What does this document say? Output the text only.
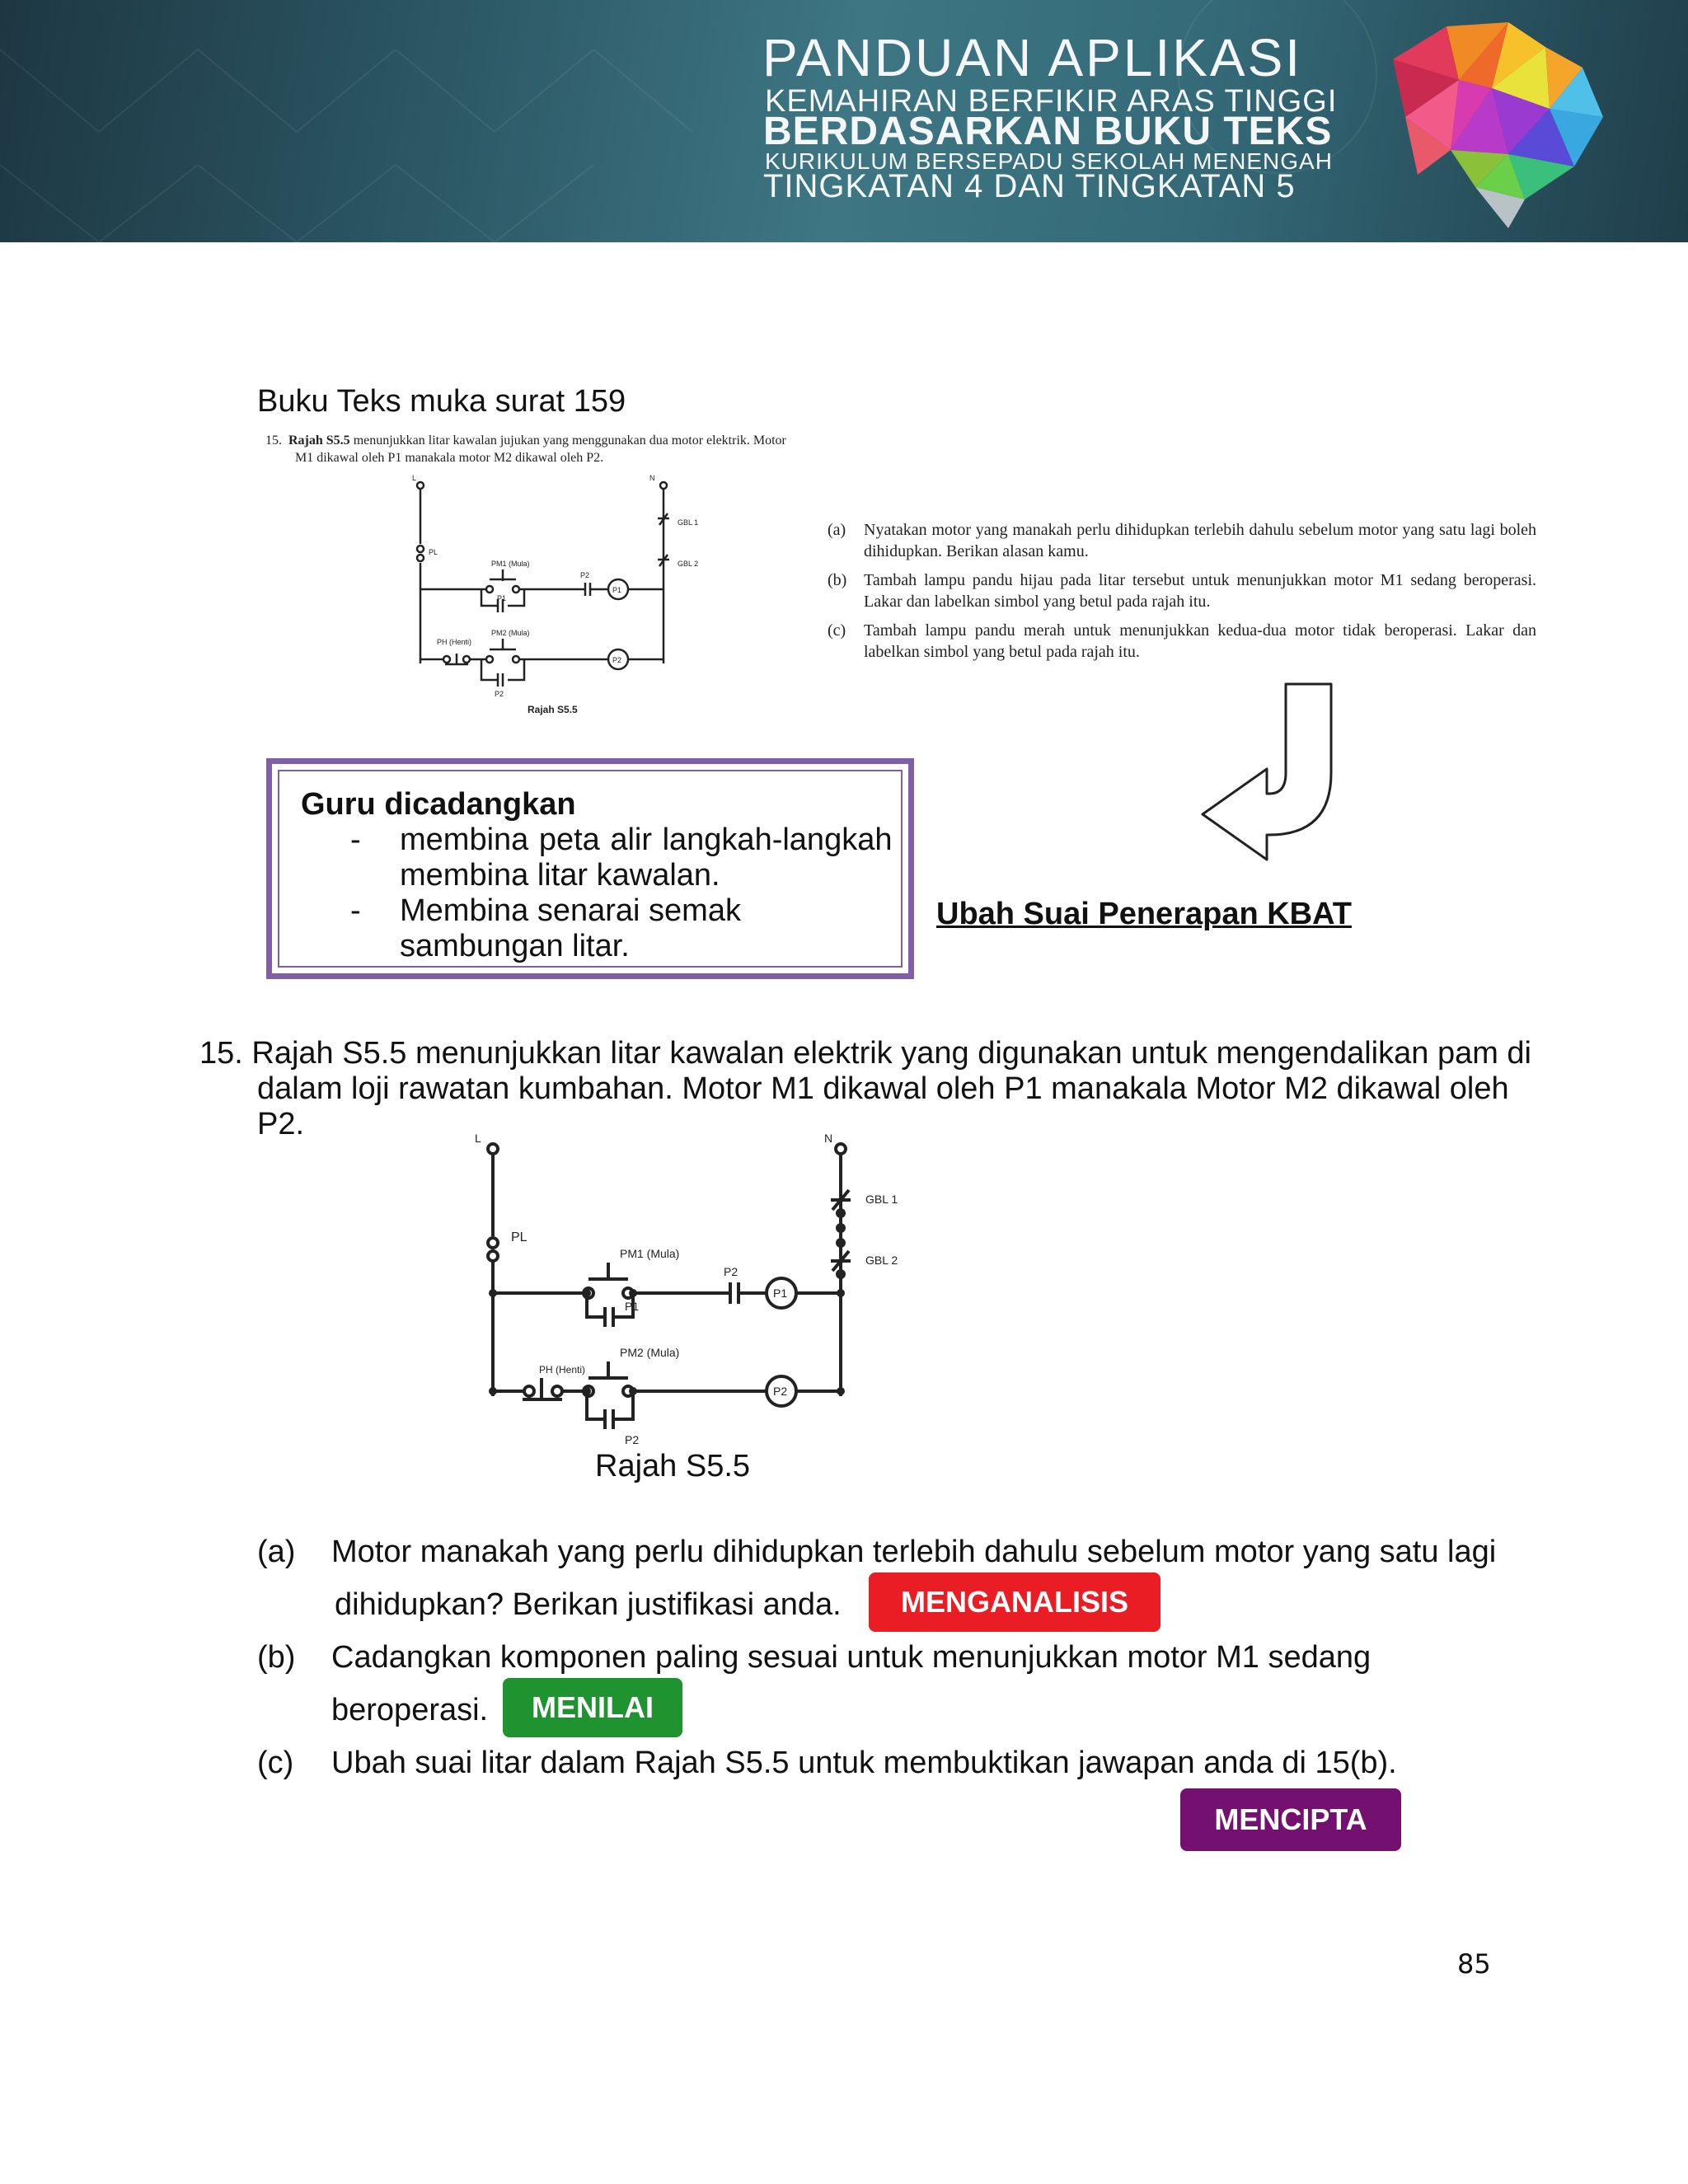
PANDUAN APLIKASI
KEMAHIRAN BERFIKIR ARAS TINGGI
BERDASARKAN BUKU TEKS
KURIKULUM BERSEPADU SEKOLAH MENENGAH
TINGKATAN 4 DAN TINGKATAN 5
Buku Teks muka surat 159
15. Rajah S5.5 menunjukkan litar kawalan jujukan yang menggunakan dua motor elektrik. Motor
M1 dikawal oleh P1 manakala motor M2 dikawal oleh P2.
L	N
PL
GBL 1
GBL 2
PM1 (Mula)
P2
P1
P1
PM2 (Mula)
PH (Henti)
P2
P2
Rajah S5.5
(a)	Nyatakan motor yang manakah perlu dihidupkan terlebih dahulu sebelum motor yang satu lagi boleh dihidupkan. Berikan alasan kamu.
(b)	Tambah lampu pandu hijau pada litar tersebut untuk menunjukkan motor M1 sedang beroperasi. Lakar dan labelkan simbol yang betul pada rajah itu.
(c)	Tambah lampu pandu merah untuk menunjukkan kedua-dua motor tidak beroperasi. Lakar dan labelkan simbol yang betul pada rajah itu.
Guru dicadangkan
- membina peta alir langkah-langkah
membina litar kawalan.
- Membina senarai semak
sambungan litar.
Ubah Suai Penerapan KBAT
15. Rajah S5.5 menunjukkan litar kawalan elektrik yang digunakan untuk mengendalikan pam di
dalam loji rawatan kumbahan. Motor M1 dikawal oleh P1 manakala Motor M2 dikawal oleh
P2.	L	N
PL
GBL 1
GBL 2
PM1 (Mula)
P2
P1
P1
PM2 (Mula)
PH (Henti)
P2
P2
Rajah S5.5
(a) Motor manakah yang perlu dihidupkan terlebih dahulu sebelum motor yang satu lagi
dihidupkan? Berikan justifikasi anda.	MENGANALISIS
(b) Cadangkan komponen paling sesuai untuk menunjukkan motor M1 sedang
beroperasi.	MENILAI
(c) Ubah suai litar dalam Rajah S5.5 untuk membuktikan jawapan anda di 15(b).
MENCIPTA
85
